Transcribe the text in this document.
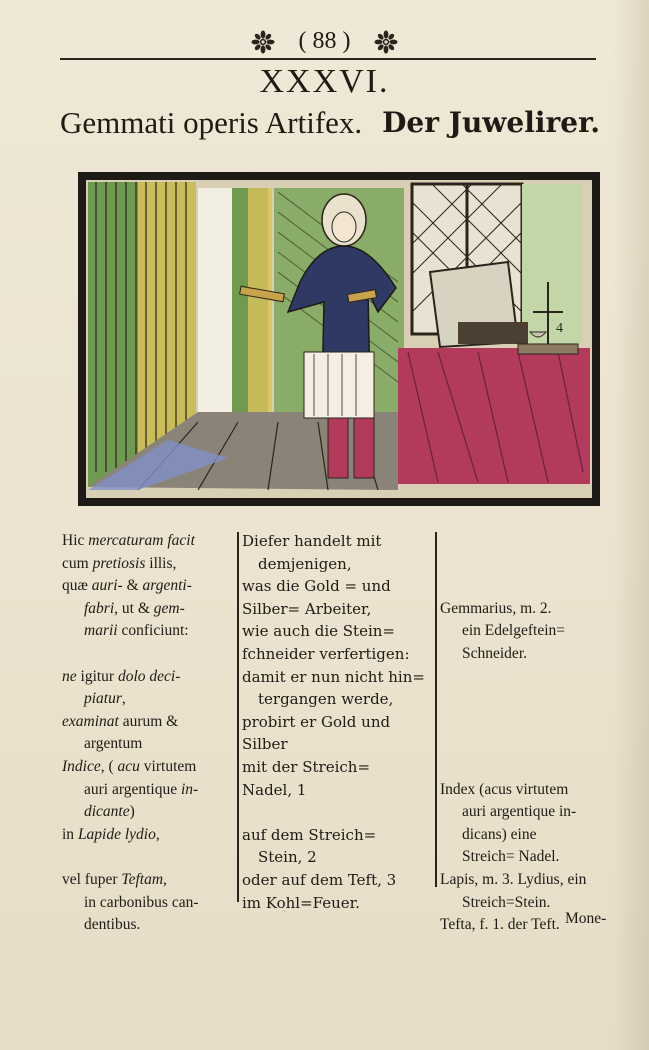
( 88 )
XXXVI.
Gemmati operis Artifex. Der Juwelirer.
4
Hic mercaturam facit
cum pretiosis illis,
quæ auri- & argenti-
fabri, ut & gem-
marii conficiunt:

ne igitur dolo deci-
piatur,
examinat aurum &
argentum
Indice, ( acu virtutem
auri argentique in-
dicante)
in Lapide lydio,

vel fuper Teftam,
in carbonibus can-
dentibus.
Diefer handelt mit
demjenigen,
was die Gold = und
Silber= Arbeiter,
wie auch die Stein=
fchneider verfertigen:
damit er nun nicht hin=
tergangen werde,
probirt er Gold und
Silber
mit der Streich=
Nadel, 1

auf dem Streich=
Stein, 2
oder auf dem Teft, 3
im Kohl=Feuer.

Gemmarius, m. 2.
ein Edelgeftein=
Schneider.

Index (acus virtutem
auri argentique in-
dicans) eine
Streich= Nadel.
Lapis, m. 3. Lydius, ein
Streich=Stein.
Tefta, f. 1. der Teft. Mone-
